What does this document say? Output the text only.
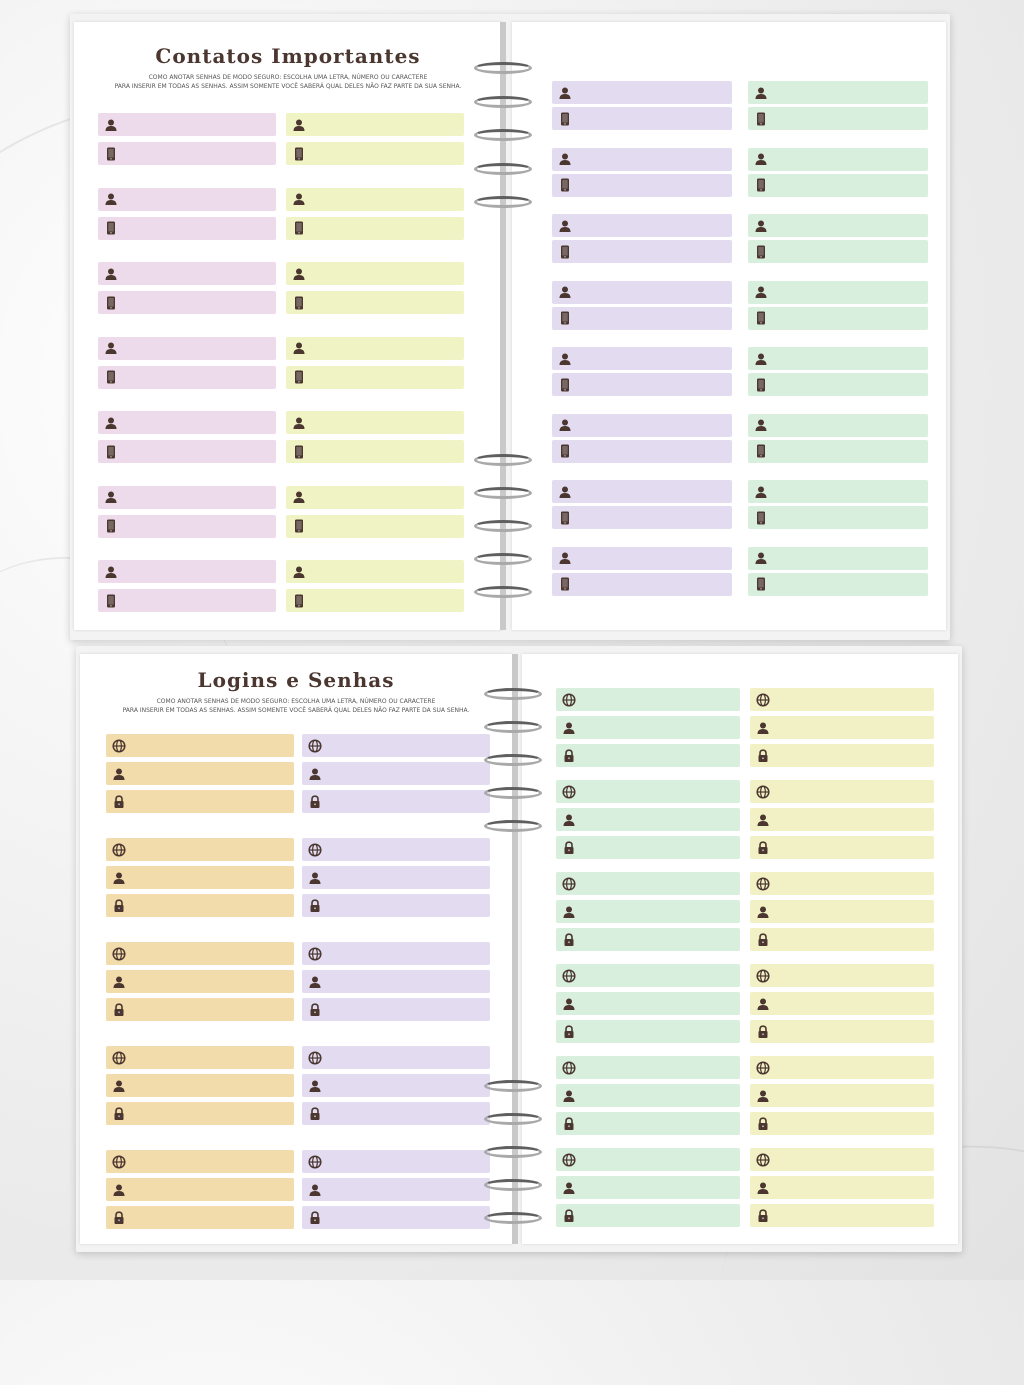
Contatos Importantes

COMO ANOTAR SENHAS DE MODO SEGURO: ESCOLHA UMA LETRA, NÚMERO OU CARACTERE

PARA INSERIR EM TODAS AS SENHAS. ASSIM SOMENTE VOCÊ SABERÁ QUAL DELES NÃO FAZ PARTE DA SUA SENHA.

Logins e Senhas

COMO ANOTAR SENHAS DE MODO SEGURO: ESCOLHA UMA LETRA, NÚMERO OU CARACTERE

PARA INSERIR EM TODAS AS SENHAS. ASSIM SOMENTE VOCÊ SABERÁ QUAL DELES NÃO FAZ PARTE DA SUA SENHA.
